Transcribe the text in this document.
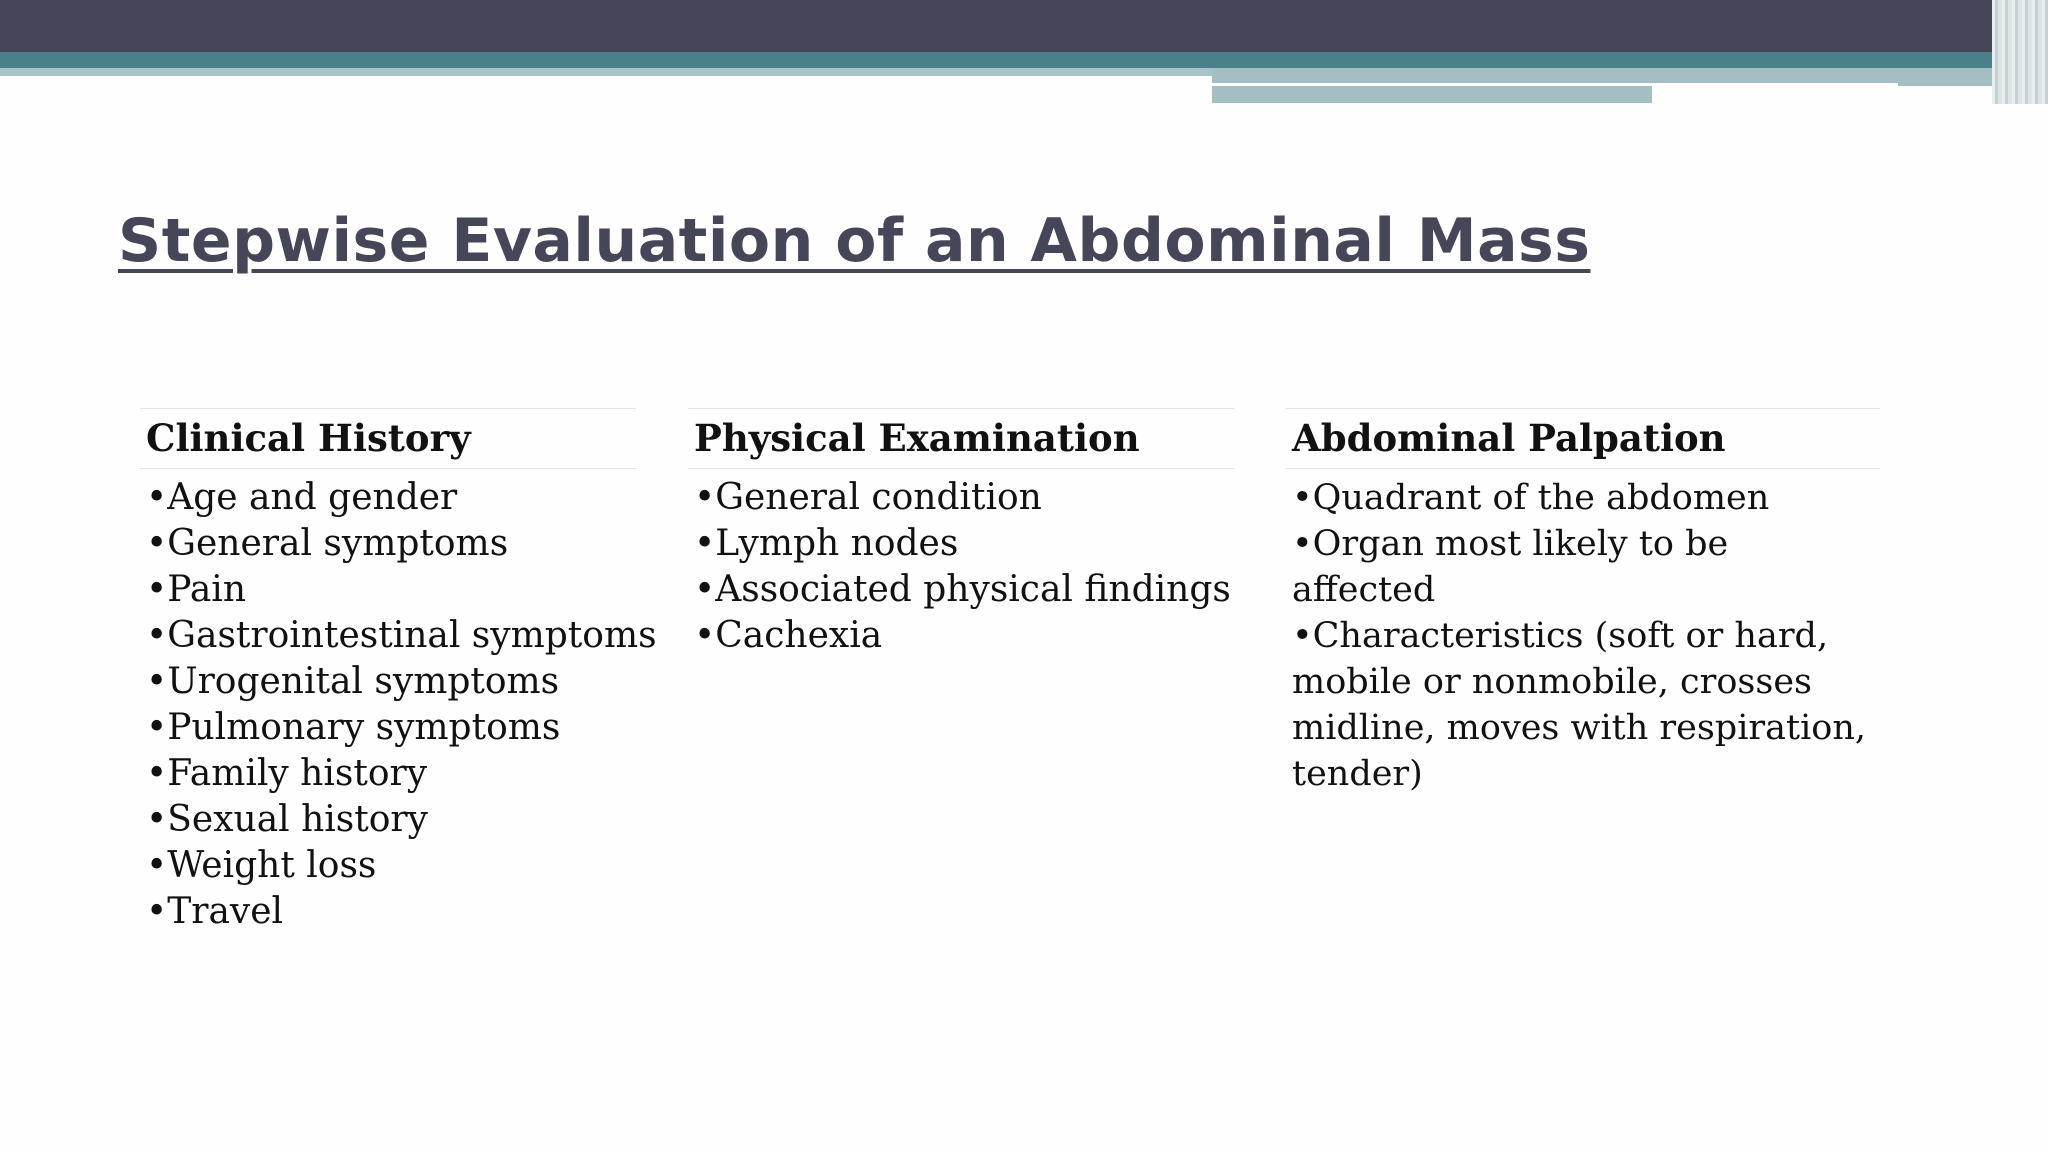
Stepwise Evaluation of an Abdominal Mass
Clinical History
•Age and gender
•General symptoms
•Pain
•Gastrointestinal symptoms
•Urogenital symptoms
•Pulmonary symptoms
•Family history
•Sexual history
•Weight loss
•Travel
Physical Examination
•General condition
•Lymph nodes
•Associated physical findings
•Cachexia
Abdominal Palpation
•Quadrant of the abdomen
•Organ most likely to be affected
•Characteristics (soft or hard, mobile or nonmobile, crosses midline, moves with respiration, tender)
